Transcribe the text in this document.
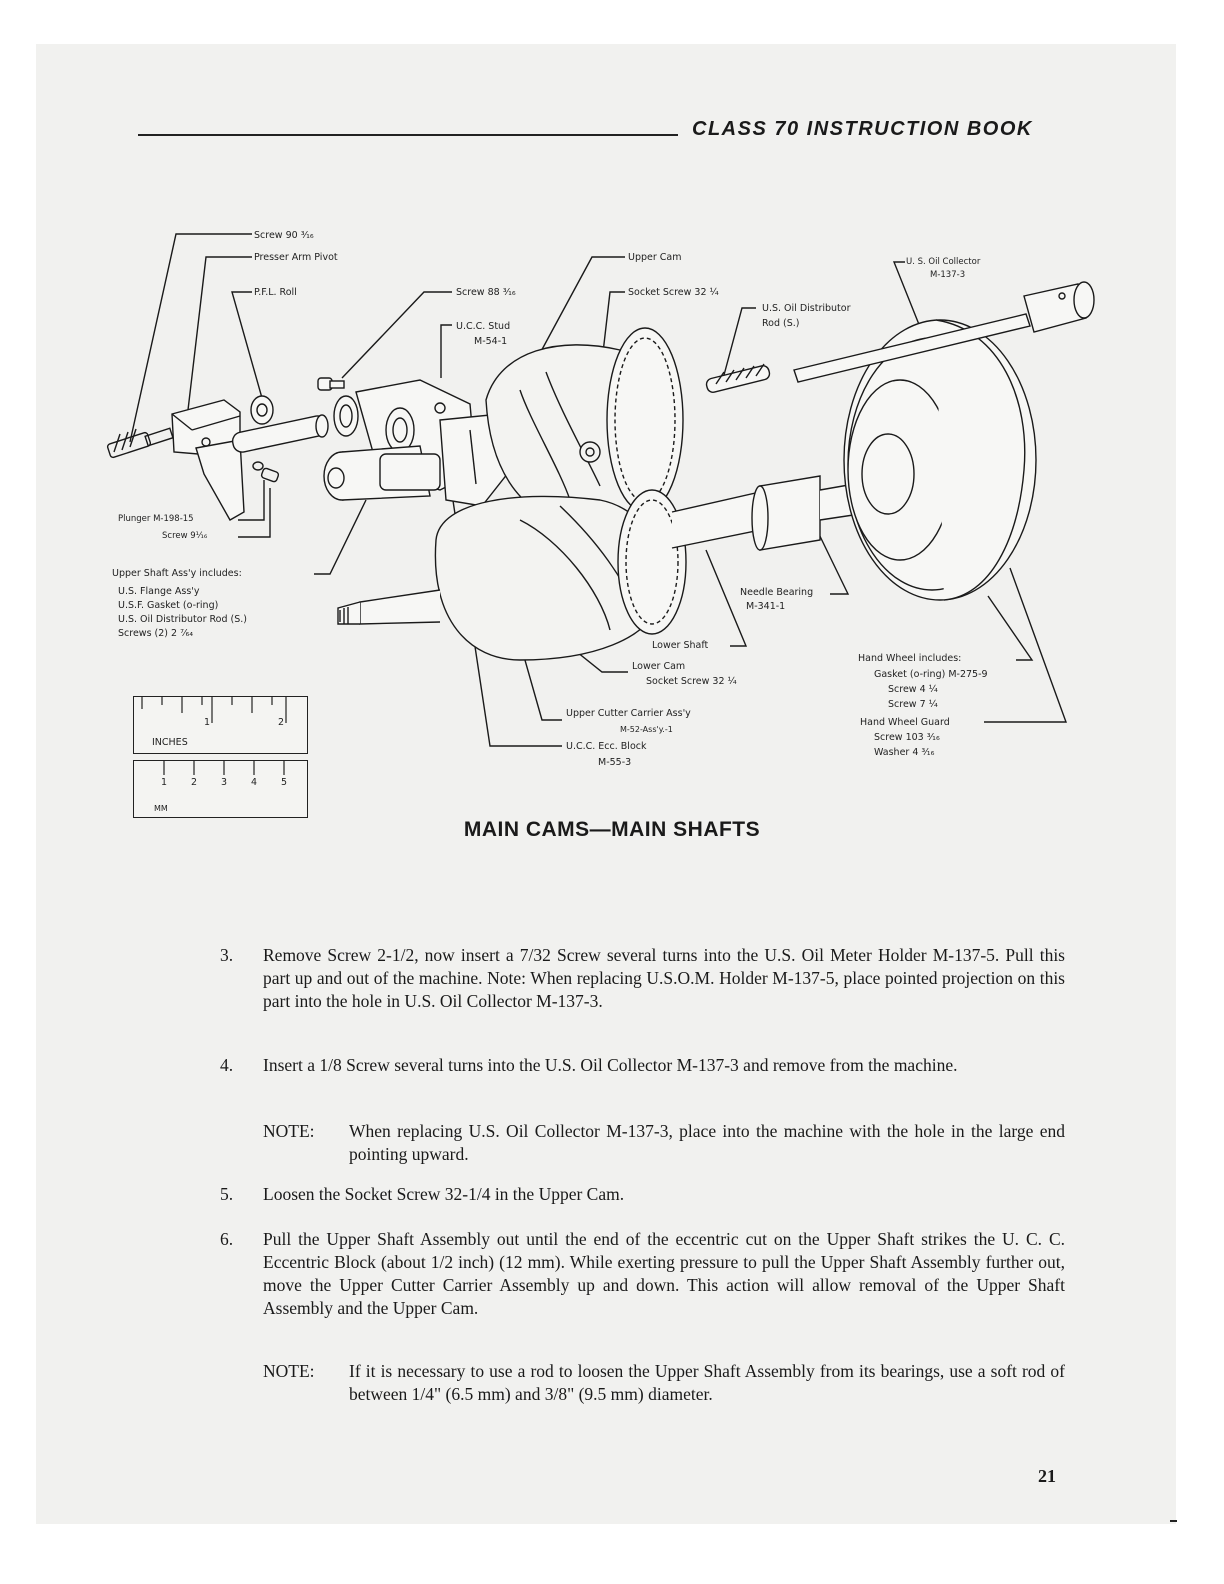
CLASS 70 INSTRUCTION BOOK
Screw 90 ³⁄₁₆
Presser Arm Pivot
P.F.L. Roll	Screw 88 ³⁄₁₆
U.C.C. Stud
M-54-1
Upper Cam
Socket Screw 32 ¼
U.S. Oil Distributor
Rod (S.)
U. S. Oil Collector
M-137-3
Plunger M-198-15
Screw 9¹⁄₁₆
Upper Shaft Ass'y includes:
U.S. Flange Ass'y
U.S.F. Gasket (o-ring)
U.S. Oil Distributor Rod (S.)
Screws (2) 2 ⁷⁄₆₄
Needle Bearing
M-341-1
Lower Shaft
Lower Cam
Socket Screw 32 ¼
Upper Cutter Carrier Ass'y
M-52-Ass'y.-1
U.C.C. Ecc. Block
M-55-3
Hand Wheel includes:
Gasket (o-ring) M-275-9
Screw 4 ¼
Screw 7 ¼
Hand Wheel Guard
Screw 103 ³⁄₁₆
Washer 4 ³⁄₁₆
1	2
INCHES
1	2	3	4	5
MM
MAIN CAMS—MAIN SHAFTS
3.	Remove Screw 2-1/2, now insert a 7/32 Screw several turns into the U.S. Oil Meter Holder M-137-5. Pull this part up and out of the machine. Note: When replacing U.S.O.M. Holder M-137-5, place pointed projection on this part into the hole in U.S. Oil Collector M-137-3.
4.	Insert a 1/8 Screw several turns into the U.S. Oil Collector M-137-3 and remove from the machine.
NOTE: When replacing U.S. Oil Collector M-137-3, place into the machine with the hole in the large end pointing upward.
5.	Loosen the Socket Screw 32-1/4 in the Upper Cam.
6.	Pull the Upper Shaft Assembly out until the end of the eccentric cut on the Upper Shaft strikes the U. C. C. Eccentric Block (about 1/2 inch) (12 mm). While exerting pressure to pull the Upper Shaft Assembly further out, move the Upper Cutter Carrier Assembly up and down. This action will allow removal of the Upper Shaft Assembly and the Upper Cam.
NOTE: If it is necessary to use a rod to loosen the Upper Shaft Assembly from its bearings, use a soft rod of between 1/4" (6.5 mm) and 3/8" (9.5 mm) diameter.
21
